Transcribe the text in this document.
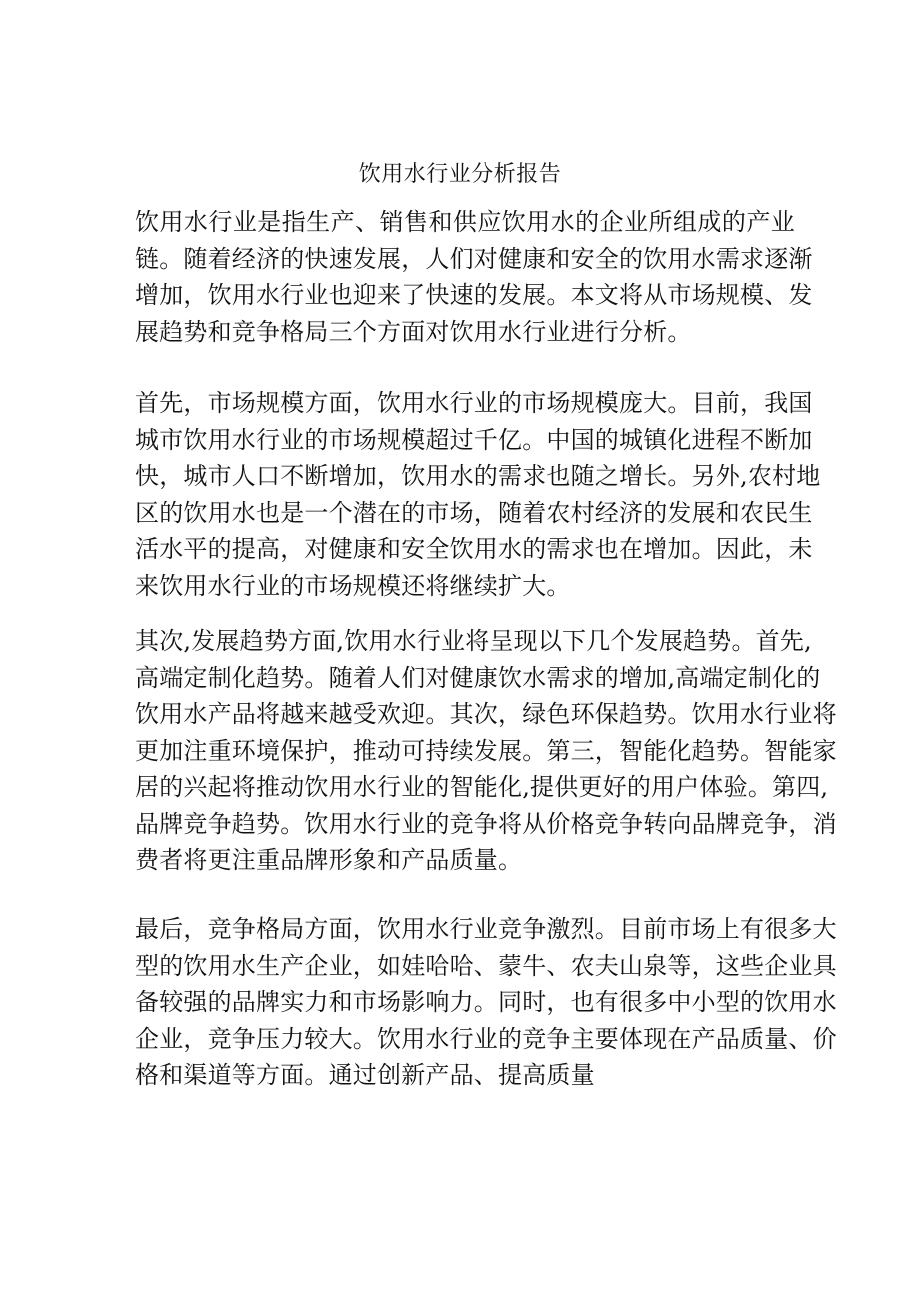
饮用水行业分析报告

饮用水行业是指生产、销售和供应饮用水的企业所组成的产业
链。随着经济的快速发展，人们对健康和安全的饮用水需求逐渐
增加，饮用水行业也迎来了快速的发展。本文将从市场规模、发
展趋势和竞争格局三个方面对饮用水行业进行分析。

首先，市场规模方面，饮用水行业的市场规模庞大。目前，我国
城市饮用水行业的市场规模超过千亿。中国的城镇化进程不断加
快，城市人口不断增加，饮用水的需求也随之增长。另外,农村地
区的饮用水也是一个潜在的市场，随着农村经济的发展和农民生
活水平的提高，对健康和安全饮用水的需求也在增加。因此，未
来饮用水行业的市场规模还将继续扩大。

其次,发展趋势方面,饮用水行业将呈现以下几个发展趋势。首先,
高端定制化趋势。随着人们对健康饮水需求的增加,高端定制化的
饮用水产品将越来越受欢迎。其次，绿色环保趋势。饮用水行业将
更加注重环境保护，推动可持续发展。第三，智能化趋势。智能家
居的兴起将推动饮用水行业的智能化,提供更好的用户体验。第四,
品牌竞争趋势。饮用水行业的竞争将从价格竞争转向品牌竞争，消
费者将更注重品牌形象和产品质量。

最后，竞争格局方面，饮用水行业竞争激烈。目前市场上有很多大
型的饮用水生产企业，如娃哈哈、蒙牛、农夫山泉等，这些企业具
备较强的品牌实力和市场影响力。同时，也有很多中小型的饮用水
企业，竞争压力较大。饮用水行业的竞争主要体现在产品质量、价
格和渠道等方面。通过创新产品、提高质量
